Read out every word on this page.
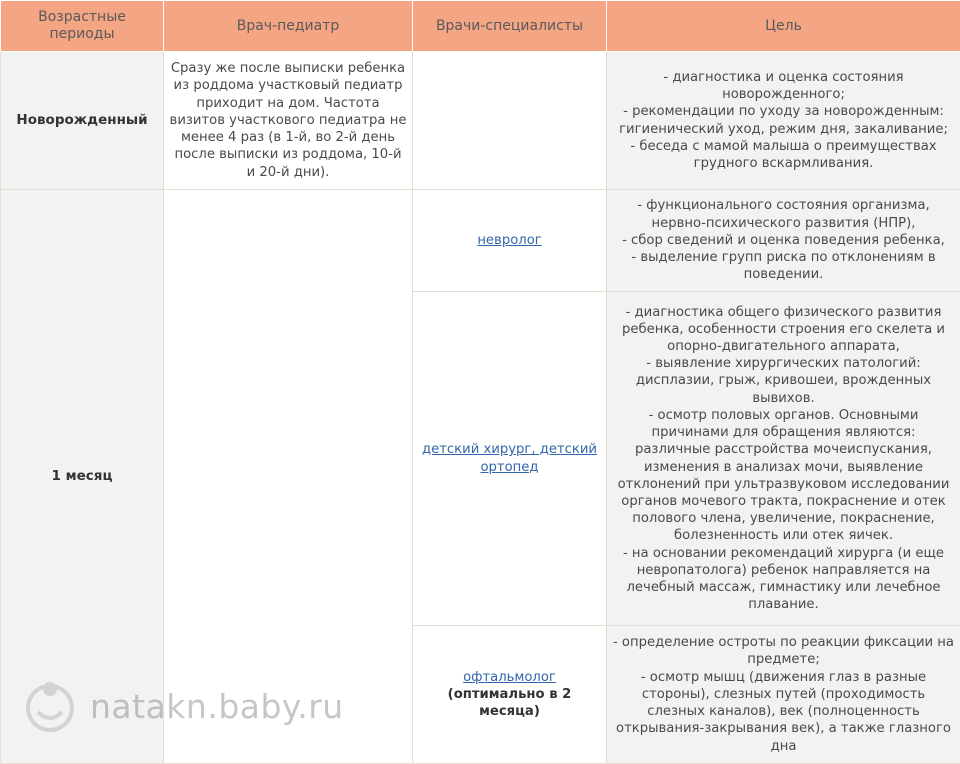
Возрастные периоды	Врач-педиатр	Врачи-специалисты	Цель
Новорожденный	Сразу же после выписки ребенка из роддома участковый педиатр приходит на дом. Частота визитов участкового педиатра не менее 4 раз (в 1-й, во 2-й день после выписки из роддома, 10-й и 20-й дни).		- диагностика и оценка состояния новорожденного;
- рекомендации по уходу за новорожденным: гигиенический уход, режим дня, закаливание;
- беседа с мамой малыша о преимуществах грудного вскармливания.

1 месяц		невролог	- функционального состояния организма, нервно-психического развития (НПР),
- сбор сведений и оценка поведения ребенка,
- выделение групп риска по отклонениям в поведении.

		детский хирург, детский ортопед	- диагностика общего физического развития ребенка, особенности строения его скелета и опорно-двигательного аппарата,
- выявление хирургических патологий: дисплазии, грыж, кривошеи, врожденных вывихов.
- осмотр половых органов. Основными причинами для обращения являются: различные расстройства мочеиспускания, изменения в анализах мочи, выявление отклонений при ультразвуковом исследовании органов мочевого тракта, покраснение и отек полового члена, увеличение, покраснение, болезненность или отек яичек.
- на основании рекомендаций хирурга (и еще невропатолога) ребенок направляется на лечебный массаж, гимнастику или лечебное плавание.

		офтальмолог
(оптимально в 2 месяца)	- определение остроты по реакции фиксации на предмете;
- осмотр мышц (движения глаз в разные стороны), слезных путей (проходимость слезных каналов), век (полноценность открывания-закрывания век), а также глазного дна
natakn.baby.ru
